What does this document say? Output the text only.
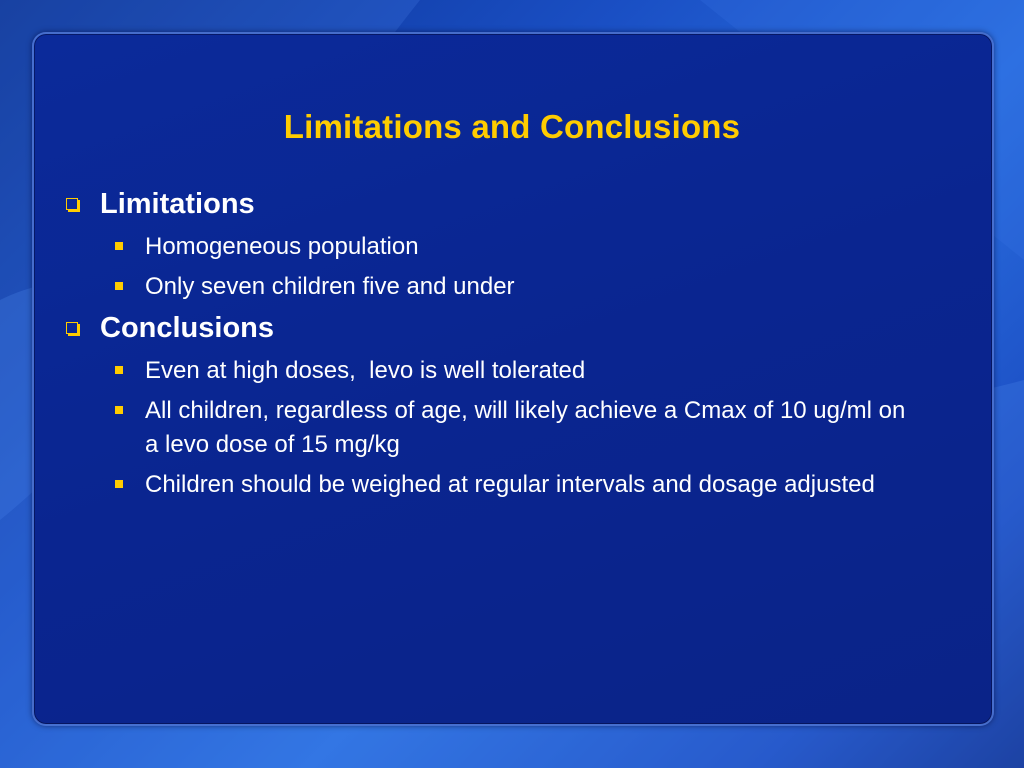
Limitations and Conclusions
Limitations
Homogeneous population
Only seven children five and under
Conclusions
Even at high doses,  levo is well tolerated
All children, regardless of age, will likely achieve a Cmax of 10 ug/ml on a levo dose of 15 mg/kg
Children should be weighed at regular intervals and dosage adjusted
